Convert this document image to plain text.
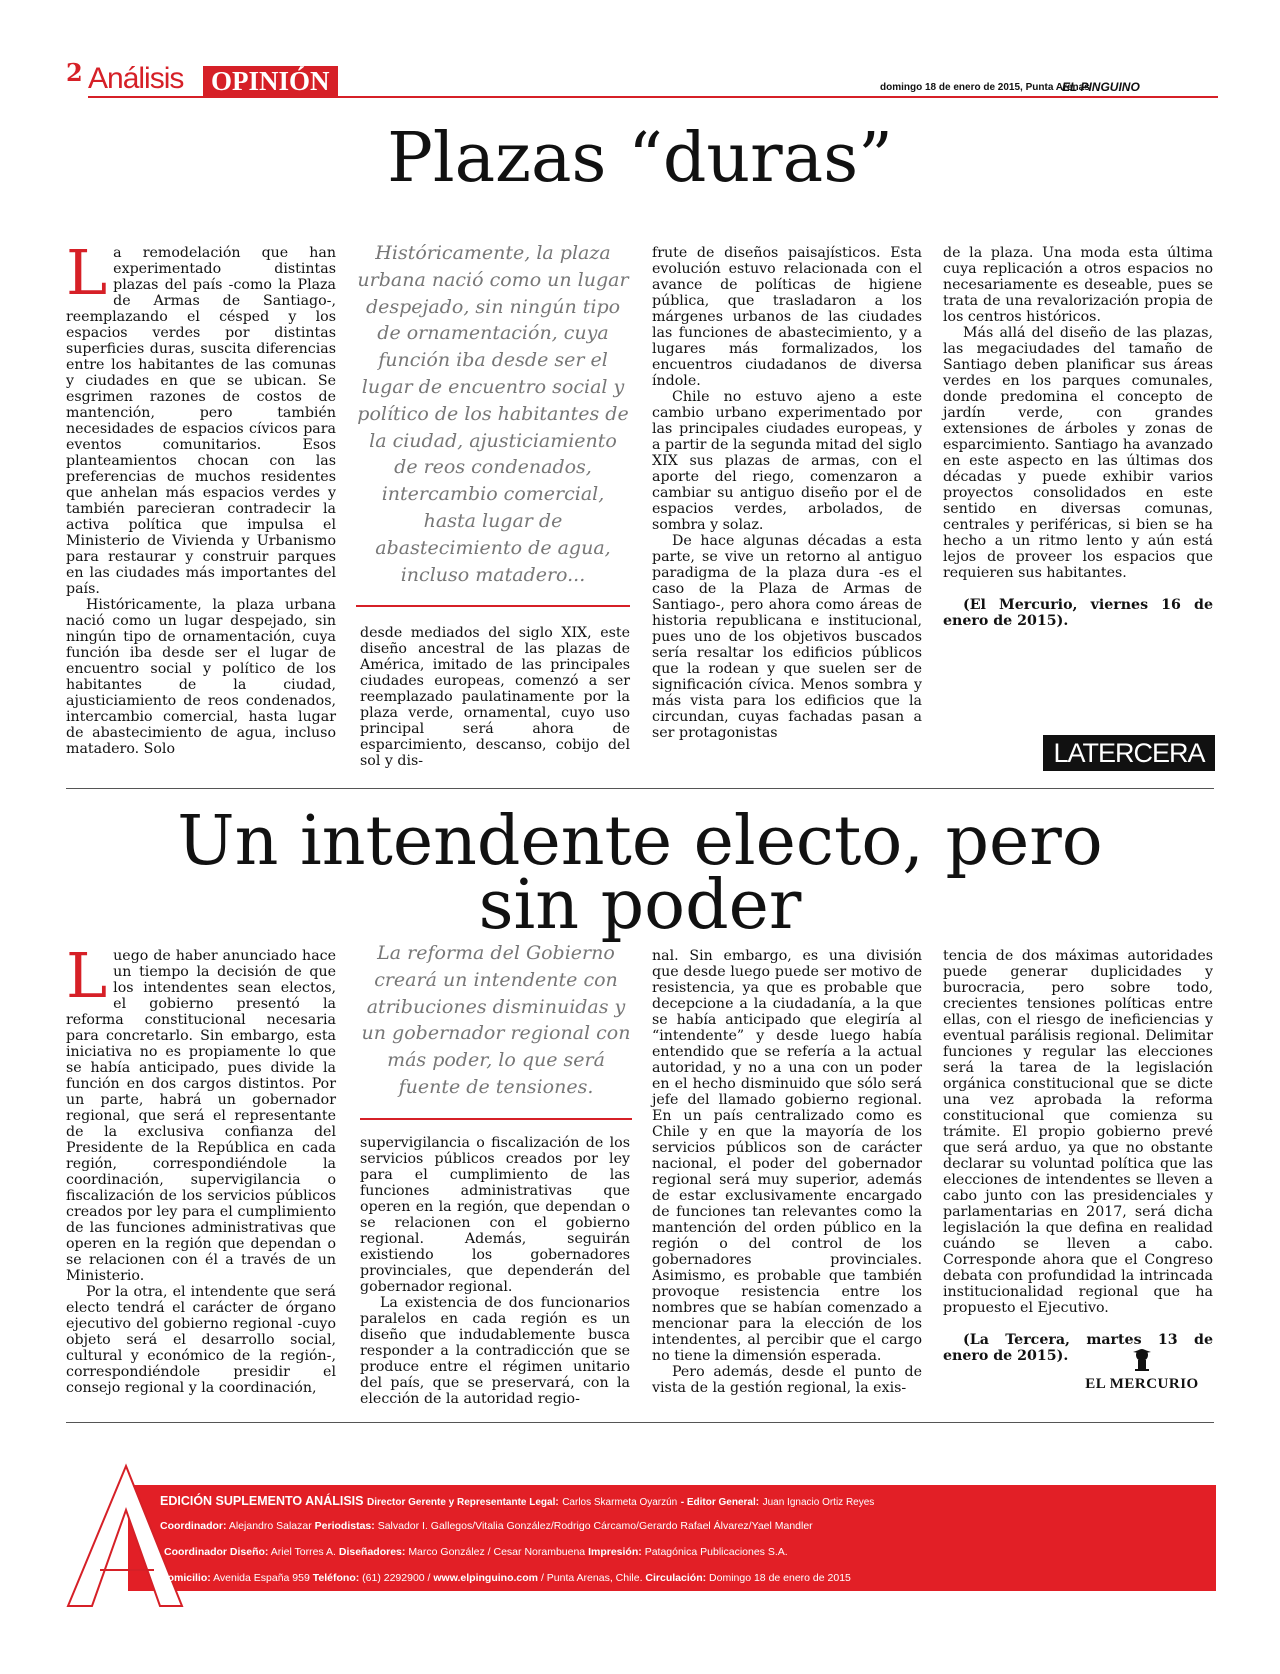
2 Análisis OPINIÓN	domingo 18 de enero de 2015, Punta Arenas
EL PINGUINO
Plazas “duras”

La remodelación que han experimentado distintas plazas del país -como la Plaza de Armas de Santiago-, reemplazando el césped y los espacios verdes por distintas superficies duras, suscita diferencias entre los habitantes de las comunas y ciudades en que se ubican. Se esgrimen razones de costos de mantención, pero también necesidades de espacios cívicos para eventos comunitarios. Esos planteamientos chocan con las preferencias de muchos residentes que anhelan más espacios verdes y también parecieran contradecir la activa política que impulsa el Ministerio de Vivienda y Urbanismo para restaurar y construir parques en las ciudades más importantes del país.

Históricamente, la plaza urbana nació como un lugar despejado, sin ningún tipo de ornamentación, cuya función iba desde ser el lugar de encuentro social y político de los habitantes de la ciudad, ajusticiamiento de reos condenados, intercambio comercial, hasta lugar de abastecimiento de agua, incluso matadero. Solo

Históricamente, la plaza urbana nació como un lugar despejado, sin ningún tipo de ornamentación, cuya función iba desde ser el lugar de encuentro social y político de los habitantes de la ciudad, ajusticiamiento de reos condenados, intercambio comercial, hasta lugar de abastecimiento de agua, incluso matadero...

desde mediados del siglo XIX, este diseño ancestral de las plazas de América, imitado de las principales ciudades europeas, comenzó a ser reemplazado paulatinamente por la plaza verde, ornamental, cuyo uso principal será ahora de esparcimiento, descanso, cobijo del sol y dis-

frute de diseños paisajísticos. Esta evolución estuvo relacionada con el avance de políticas de higiene pública, que trasladaron a los márgenes urbanos de las ciudades las funciones de abastecimiento, y a lugares más formalizados, los encuentros ciudadanos de diversa índole.

Chile no estuvo ajeno a este cambio urbano experimentado por las principales ciudades europeas, y a partir de la segunda mitad del siglo XIX sus plazas de armas, con el aporte del riego, comenzaron a cambiar su antiguo diseño por el de espacios verdes, arbolados, de sombra y solaz.

De hace algunas décadas a esta parte, se vive un retorno al antiguo paradigma de la plaza dura -es el caso de la Plaza de Armas de Santiago-, pero ahora como áreas de historia republicana e institucional, pues uno de los objetivos buscados sería resaltar los edificios públicos que la rodean y que suelen ser de significación cívica. Menos sombra y más vista para los edificios que la circundan, cuyas fachadas pasan a ser protagonistas

de la plaza. Una moda esta última cuya replicación a otros espacios no necesariamente es deseable, pues se trata de una revalorización propia de los centros históricos.

Más allá del diseño de las plazas, las megaciudades del tamaño de Santiago deben planificar sus áreas verdes en los parques comunales, donde predomina el concepto de jardín verde, con grandes extensiones de árboles y zonas de esparcimiento. Santiago ha avanzado en este aspecto en las últimas dos décadas y puede exhibir varios proyectos consolidados en este sentido en diversas comunas, centrales y periféricas, si bien se ha hecho a un ritmo lento y aún está lejos de proveer los espacios que requieren sus habitantes.

(El Mercurio, viernes 16 de enero de 2015).

LATERCERA
Un intendente electo, pero sin poder

Luego de haber anunciado hace un tiempo la decisión de que los intendentes sean electos, el gobierno presentó la reforma constitucional necesaria para concretarlo. Sin embargo, esta iniciativa no es propiamente lo que se había anticipado, pues divide la función en dos cargos distintos. Por un parte, habrá un gobernador regional, que será el representante de la exclusiva confianza del Presidente de la República en cada región, correspondiéndole la coordinación, supervigilancia o fiscalización de los servicios públicos creados por ley para el cumplimiento de las funciones administrativas que operen en la región que dependan o se relacionen con él a través de un Ministerio.

Por la otra, el intendente que será electo tendrá el carácter de órgano ejecutivo del gobierno regional -cuyo objeto será el desarrollo social, cultural y económico de la región-, correspondiéndole presidir el consejo regional y la coordinación,

La reforma del Gobierno creará un intendente con atribuciones disminuidas y un gobernador regional con más poder, lo que será fuente de tensiones.

supervigilancia o fiscalización de los servicios públicos creados por ley para el cumplimiento de las funciones administrativas que operen en la región, que dependan o se relacionen con el gobierno regional. Además, seguirán existiendo los gobernadores provinciales, que dependerán del gobernador regional.

La existencia de dos funcionarios paralelos en cada región es un diseño que indudablemente busca responder a la contradicción que se produce entre el régimen unitario del país, que se preservará, con la elección de la autoridad regio-

nal. Sin embargo, es una división que desde luego puede ser motivo de resistencia, ya que es probable que decepcione a la ciudadanía, a la que se había anticipado que elegiría al “intendente” y desde luego había entendido que se refería a la actual autoridad, y no a una con un poder en el hecho disminuido que sólo será jefe del llamado gobierno regional. En un país centralizado como es Chile y en que la mayoría de los servicios públicos son de carácter nacional, el poder del gobernador regional será muy superior, además de estar exclusivamente encargado de funciones tan relevantes como la mantención del orden público en la región o del control de los gobernadores provinciales. Asimismo, es probable que también provoque resistencia entre los nombres que se habían comenzado a mencionar para la elección de los intendentes, al percibir que el cargo no tiene la dimensión esperada.

Pero además, desde el punto de vista de la gestión regional, la exis-

tencia de dos máximas autoridades puede generar duplicidades y burocracia, pero sobre todo, crecientes tensiones políticas entre ellas, con el riesgo de ineficiencias y eventual parálisis regional. Delimitar funciones y regular las elecciones será la tarea de la legislación orgánica constitucional que se dicte una vez aprobada la reforma constitucional que comienza su trámite. El propio gobierno prevé que será arduo, ya que no obstante declarar su voluntad política que las elecciones de intendentes se lleven a cabo junto con las presidenciales y parlamentarias en 2017, será dicha legislación la que defina en realidad cuándo se lleven a cabo. Corresponde ahora que el Congreso debata con profundidad la intrincada institucionalidad regional que ha propuesto el Ejecutivo.

(La Tercera, martes 13 de enero de 2015).

EL MERCURIO
EDICIÓN SUPLEMENTO ANÁLISIS Director Gerente y Representante Legal: Carlos Skarmeta Oyarzún - Editor General: Juan Ignacio Ortiz Reyes
Coordinador: Alejandro Salazar Periodistas: Salvador I. Gallegos/Vitalia González/Rodrigo Cárcamo/Gerardo Rafael Álvarez/Yael Mandler
Coordinador Diseño: Ariel Torres A. Diseñadores: Marco González / Cesar Norambuena Impresión: Patagónica Publicaciones S.A.
Domicilio: Avenida España 959 Teléfono: (61) 2292900 / www.elpinguino.com / Punta Arenas, Chile. Circulación: Domingo 18 de enero de 2015
